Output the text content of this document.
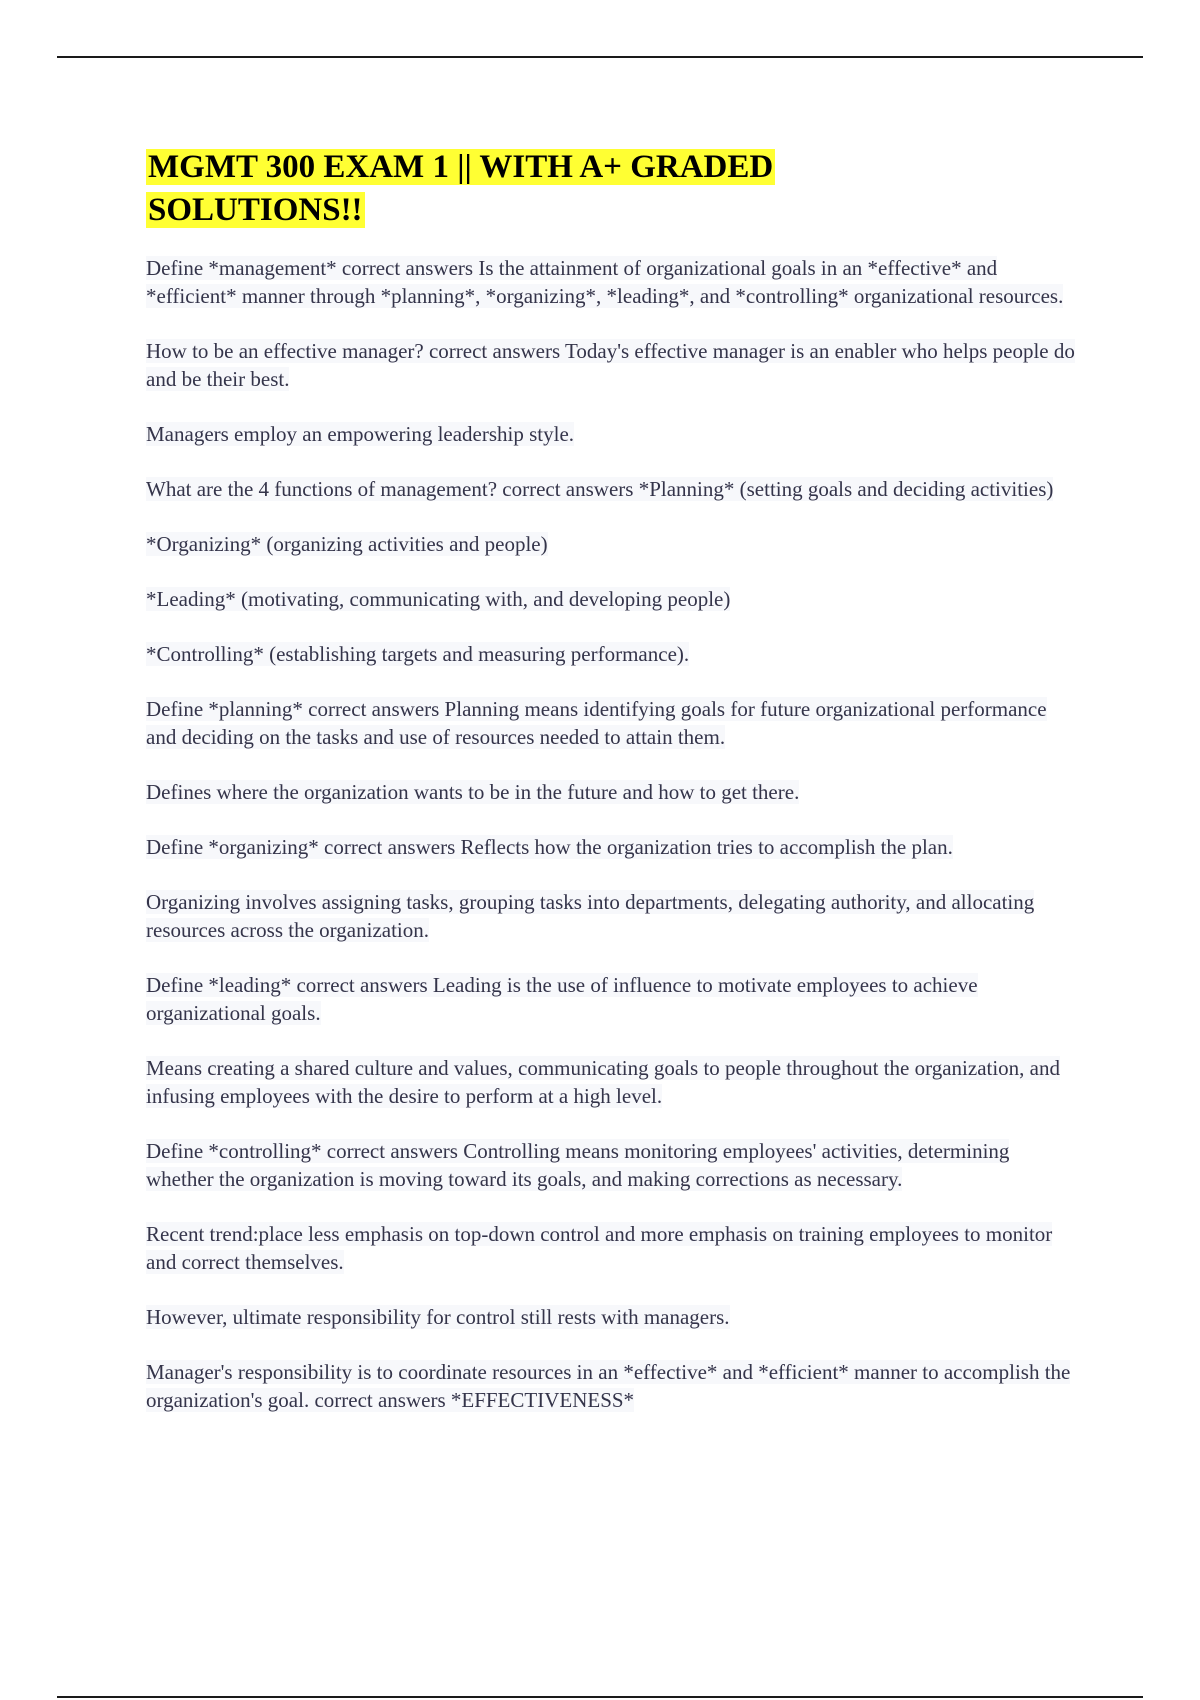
MGMT 300 EXAM 1 || WITH A+ GRADED SOLUTIONS!!

Define *management* correct answers Is the attainment of organizational goals in an *effective* and *efficient* manner through *planning*, *organizing*, *leading*, and *controlling* organizational resources.

How to be an effective manager? correct answers Today's effective manager is an enabler who helps people do and be their best.

Managers employ an empowering leadership style.

What are the 4 functions of management? correct answers *Planning* (setting goals and deciding activities)

*Organizing* (organizing activities and people)

*Leading* (motivating, communicating with, and developing people)

*Controlling* (establishing targets and measuring performance).

Define *planning* correct answers Planning means identifying goals for future organizational performance and deciding on the tasks and use of resources needed to attain them.

Defines where the organization wants to be in the future and how to get there.

Define *organizing* correct answers Reflects how the organization tries to accomplish the plan.

Organizing involves assigning tasks, grouping tasks into departments, delegating authority, and allocating resources across the organization.

Define *leading* correct answers Leading is the use of influence to motivate employees to achieve organizational goals.

Means creating a shared culture and values, communicating goals to people throughout the organization, and infusing employees with the desire to perform at a high level.

Define *controlling* correct answers Controlling means monitoring employees' activities, determining whether the organization is moving toward its goals, and making corrections as necessary.

Recent trend:place less emphasis on top-down control and more emphasis on training employees to monitor and correct themselves.

However, ultimate responsibility for control still rests with managers.

Manager's responsibility is to coordinate resources in an *effective* and *efficient* manner to accomplish the organization's goal. correct answers *EFFECTIVENESS*
